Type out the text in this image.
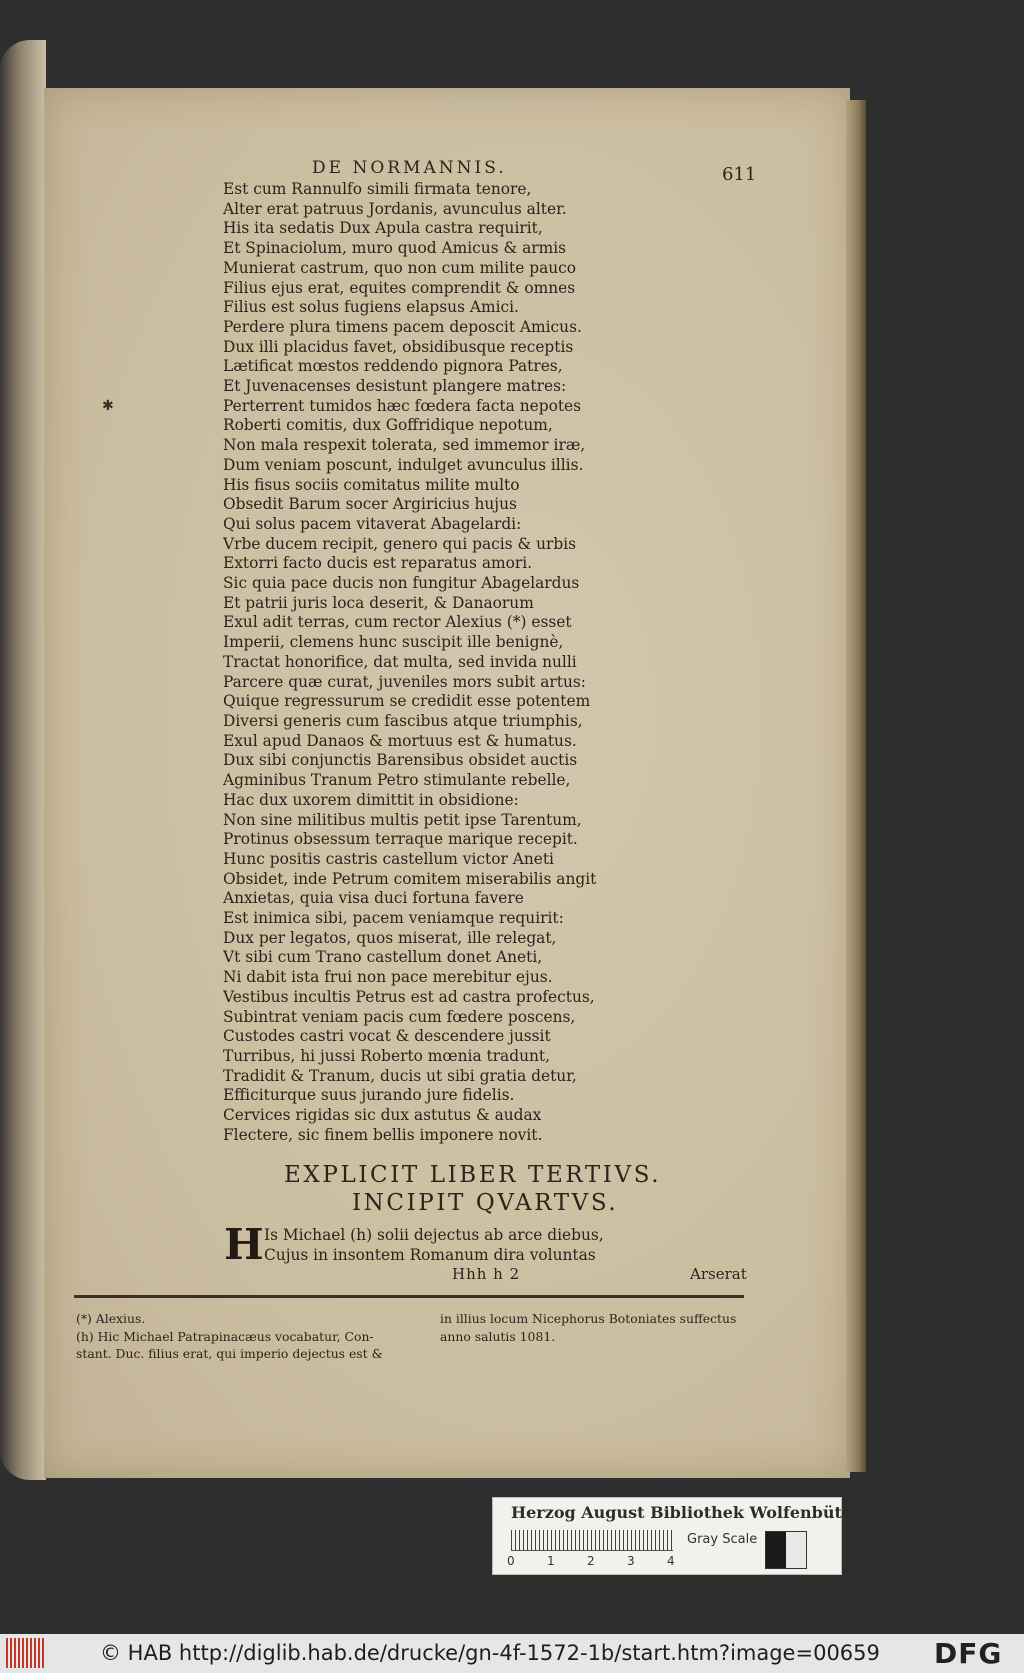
DE NORMANNIS.	611
✱
Est cum Rannulfo simili firmata tenore,
Alter erat patruus Jordanis, avunculus alter.
His ita sedatis Dux Apula castra requirit,
Et Spinaciolum, muro quod Amicus & armis
Munierat castrum, quo non cum milite pauco
Filius ejus erat, equites comprendit & omnes
Filius est solus fugiens elapsus Amici.
Perdere plura timens pacem deposcit Amicus.
Dux illi placidus favet, obsidibusque receptis
Lætificat mœstos reddendo pignora Patres,
Et Juvenacenses desistunt plangere matres:
Perterrent tumidos hæc fœdera facta nepotes
Roberti comitis, dux Goffridique nepotum,
Non mala respexit tolerata, sed immemor iræ,
Dum veniam poscunt, indulget avunculus illis.
His fisus sociis comitatus milite multo
Obsedit Barum socer Argiricius hujus
Qui solus pacem vitaverat Abagelardi:
Vrbe ducem recipit, genero qui pacis & urbis
Extorri facto ducis est reparatus amori.
Sic quia pace ducis non fungitur Abagelardus
Et patrii juris loca deserit, & Danaorum
Exul adit terras, cum rector Alexius (*) esset
Imperii, clemens hunc suscipit ille benignè,
Tractat honorifice, dat multa, sed invida nulli
Parcere quæ curat, juveniles mors subit artus:
Quique regressurum se credidit esse potentem
Diversi generis cum fascibus atque triumphis,
Exul apud Danaos & mortuus est & humatus.
Dux sibi conjunctis Barensibus obsidet auctis
Agminibus Tranum Petro stimulante rebelle,
Hac dux uxorem dimittit in obsidione:
Non sine militibus multis petit ipse Tarentum,
Protinus obsessum terraque marique recepit.
Hunc positis castris castellum victor Aneti
Obsidet, inde Petrum comitem miserabilis angit
Anxietas, quia visa duci fortuna favere
Est inimica sibi, pacem veniamque requirit:
Dux per legatos, quos miserat, ille relegat,
Vt sibi cum Trano castellum donet Aneti,
Ni dabit ista frui non pace merebitur ejus.
Vestibus incultis Petrus est ad castra profectus,
Subintrat veniam pacis cum fœdere poscens,
Custodes castri vocat & descendere jussit
Turribus, hi jussi Roberto mœnia tradunt,
Tradidit & Tranum, ducis ut sibi gratia detur,
Efficiturque suus jurando jure fidelis.
Cervices rigidas sic dux astutus & audax
Flectere, sic finem bellis imponere novit.
EXPLICIT LIBER TERTIVS.
INCIPIT QVARTVS.
H Is Michael (h) solii dejectus ab arce diebus,
Cujus in insontem Romanum dira voluntas
Hhh h 2	Arserat
(*) Alexius.
(h) Hic Michael Patrapinacæus vocabatur, Con-
stant. Duc. filius erat, qui imperio dejectus est &
in illius locum Nicephorus Botoniates suffectus
anno salutis 1081.
Herzog August Bibliothek Wolfenbüttel
0	1	2	3	4
Gray Scale
© HAB http://diglib.hab.de/drucke/gn-4f-1572-1b/start.htm?image=00659 DFG
